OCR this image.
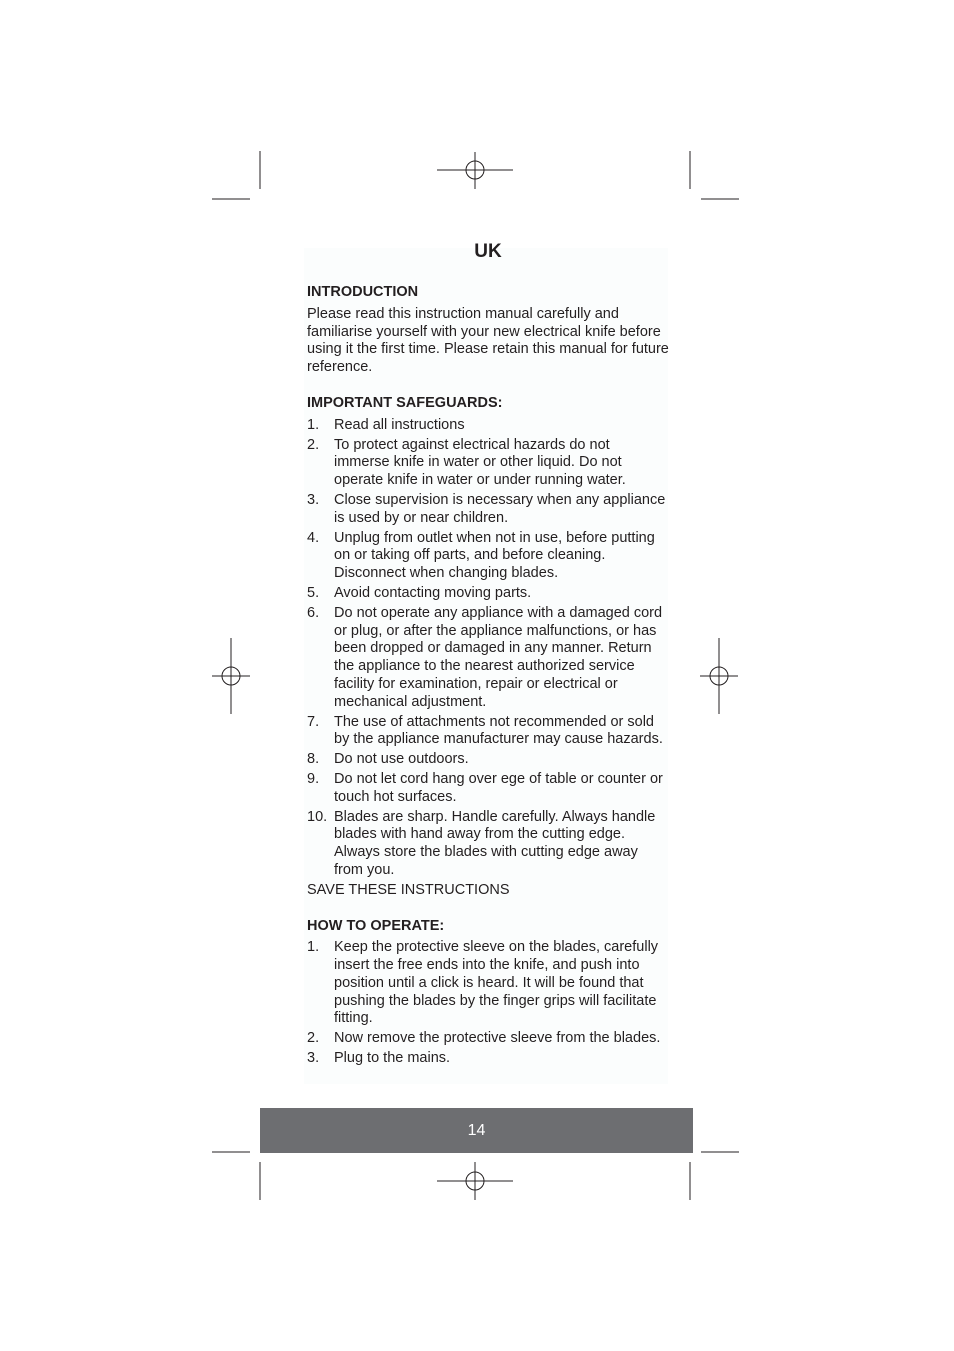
UK
INTRODUCTION
Please read this instruction manual carefully and familiarise yourself with your new electrical knife before using it the first time. Please retain this manual for future reference.
IMPORTANT SAFEGUARDS:
1.	Read all instructions
2.	To protect against electrical hazards do not immerse knife in water or other liquid. Do not operate knife in water or under running water.
3.	Close supervision is necessary when any appliance is used by or near children.
4.	Unplug from outlet when not in use, before putting on or taking off parts, and before cleaning. Disconnect when changing blades.
5.	Avoid contacting moving parts.
6.	Do not operate any appliance with a damaged cord or plug, or after the appliance malfunctions, or has been dropped or damaged in any manner. Return the appliance to the nearest authorized service facility for examination, repair or electrical or mechanical adjustment.
7.	The use of attachments not recommended or sold by the appliance manufacturer may cause hazards.
8.	Do not use outdoors.
9.	Do not let cord hang over ege of table or counter or touch hot surfaces.
10. Blades are sharp. Handle carefully. Always handle blades with hand away from the cutting edge. Always store the blades with cutting edge away from you.
SAVE THESE INSTRUCTIONS
HOW TO OPERATE:
1.	Keep the protective sleeve on the blades, carefully insert the free ends into the knife, and push into position until a click is heard. It will be found that pushing the blades by the finger grips will facilitate fitting.
2.	Now remove the protective sleeve from the blades.
3.	Plug to the mains.
14
